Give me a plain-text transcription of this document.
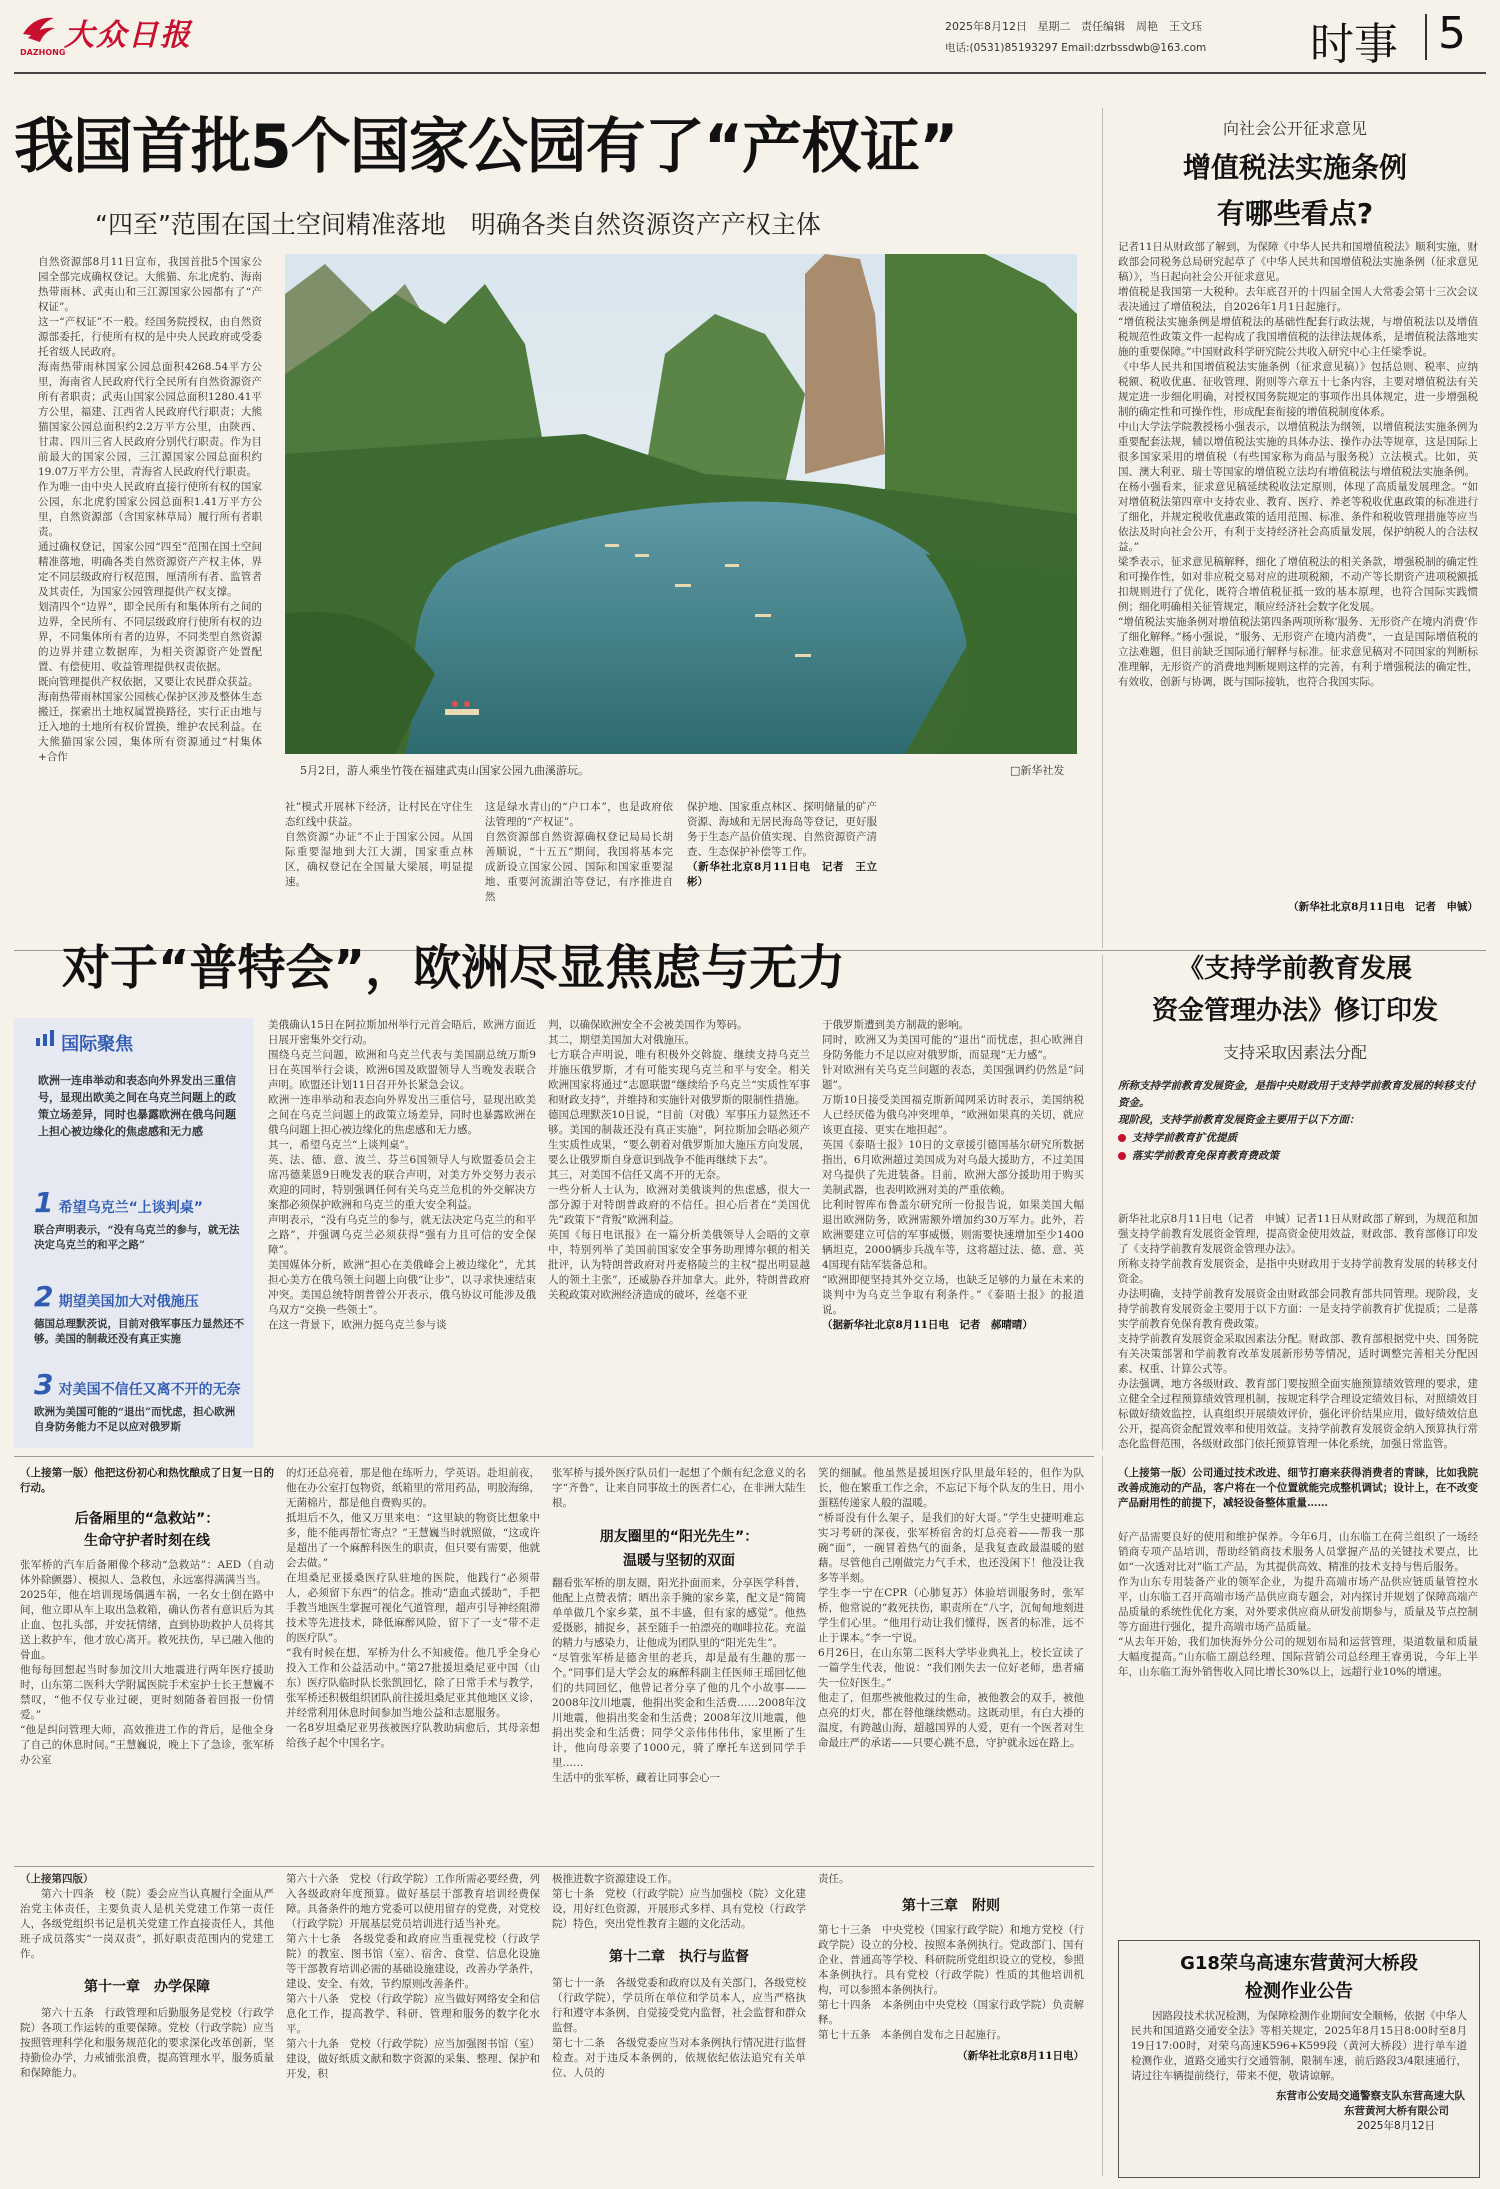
大众日报
DAZHONG
2025年8月12日 星期二 责任编辑　周艳　王文珏
电话:(0531)85193297 Email:dzrbssdwb@163.com 时事 5
我国首批5个国家公园有了“产权证”
“四至”范围在国土空间精准落地　明确各类自然资源资产产权主体
自然资源部8月11日宣布，我国首批5个国家公园全部完成确权登记。大熊猫、东北虎豹、海南热带雨林、武夷山和三江源国家公园都有了“产权证”。
这一“产权证”不一般。经国务院授权，由自然资源部委托，行使所有权的是中央人民政府或受委托省级人民政府。
海南热带雨林国家公园总面积4268.54平方公里，海南省人民政府代行全民所有自然资源资产所有者职责；武夷山国家公园总面积1280.41平方公里，福建、江西省人民政府代行职责；大熊猫国家公园总面积约2.2万平方公里，由陕西、甘肃、四川三省人民政府分别代行职责。作为目前最大的国家公园，三江源国家公园总面积约19.07万平方公里，青海省人民政府代行职责。
作为唯一由中央人民政府直接行使所有权的国家公园，东北虎豹国家公园总面积1.41万平方公里，自然资源部（含国家林草局）履行所有者职责。
通过确权登记，国家公园“四至”范围在国土空间精准落地，明确各类自然资源资产产权主体，界定不同层级政府行权范围，厘清所有者、监管者及其责任，为国家公园管理提供产权支撑。
划清四个“边界”，即全民所有和集体所有之间的边界，全民所有、不同层级政府行使所有权的边界，不同集体所有者的边界，不同类型自然资源的边界并建立数据库，为相关资源资产处置配置、有偿使用、收益管理提供权责依据。
既向管理提供产权依据，又要让农民群众获益。
海南热带雨林国家公园核心保护区涉及整体生态搬迁，探索出土地权属置换路径，实行正由地与迁入地的土地所有权价置换，维护农民利益。在大熊猫国家公园，集体所有资源通过“村集体+合作
5月2日，游人乘坐竹筏在福建武夷山国家公园九曲溪游玩。	□新华社发
社”模式开展林下经济，让村民在守住生态红线中获益。
自然资源“办证”不止于国家公园。从国际重要湿地到大江大湖，国家重点林区，确权登记在全国量大梁展，明显提速。
这是绿水青山的“户口本”，也是政府依法管理的“产权证”。
自然资源部自然资源确权登记局局长胡善顺说，“十五五”期间，我国将基本完成新设立国家公园、国际和国家重要湿地、重要河流湖泊等登记，有序推进自然
保护地、国家重点林区、探明储量的矿产资源、海域和无居民海岛等登记，更好服务于生态产品价值实现、自然资源资产清查、生态保护补偿等工作。
（新华社北京8月11日电　记者　王立彬）
向社会公开征求意见
增值税法实施条例
有哪些看点?
记者11日从财政部了解到，为保障《中华人民共和国增值税法》顺利实施，财政部会同税务总局研究起草了《中华人民共和国增值税法实施条例（征求意见稿）》，当日起向社会公开征求意见。
增值税是我国第一大税种。去年底召开的十四届全国人大常委会第十三次会议表决通过了增值税法，自2026年1月1日起施行。
“增值税法实施条例是增值税法的基础性配套行政法规，与增值税法以及增值税规范性政策文件一起构成了我国增值税的法律法规体系，是增值税法落地实施的重要保障。”中国财政科学研究院公共收入研究中心主任梁季说。
《中华人民共和国增值税法实施条例（征求意见稿）》包括总则、税率、应纳税额、税收优惠、征收管理、附则等六章五十七条内容，主要对增值税法有关规定进一步细化明确，对授权国务院规定的事项作出具体规定，进一步增强税制的确定性和可操作性，形成配套衔接的增值税制度体系。
中山大学法学院教授杨小强表示，以增值税法为纲领，以增值税法实施条例为重要配套法规，辅以增值税法实施的具体办法、操作办法等规章，这是国际上很多国家采用的增值税（有些国家称为商品与服务税）立法模式。比如，英国、澳大利亚、瑞士等国家的增值税立法均有增值税法与增值税法实施条例。
在杨小强看来，征求意见稿延续税收法定原则，体现了高质量发展理念。“如对增值税法第四章中支持农业、教育、医疗、养老等税收优惠政策的标准进行了细化，并规定税收优惠政策的适用范围、标准、条件和税收管理措施等应当依法及时向社会公开，有利于支持经济社会高质量发展，保护纳税人的合法权益。”
梁季表示，征求意见稿解释，细化了增值税法的相关条款，增强税制的确定性和可操作性，如对非应税交易对应的进项税额，不动产等长期资产进项税额抵扣规则进行了优化，既符合增值税征抵一致的基本原理，也符合国际实践惯例；细化明确相关征管规定，顺应经济社会数字化发展。
“增值税法实施条例对增值税法第四条两项所称‘服务、无形资产在境内消费’作了细化解释。”杨小强说，“服务、无形资产在境内消费”，一直是国际增值税的立法难题，但目前缺乏国际通行解释与标准。征求意见稿对不同国家的判断标准理解，无形资产的消费地判断规则这样的完善，有利于增强税法的确定性，有效收，创新与协调，既与国际接轨，也符合我国实际。
（新华社北京8月11日电　记者　申铖）
对于“普特会”，欧洲尽显焦虑与无力
国际聚焦
欧洲一连串举动和表态向外界发出三重信号，显现出欧美之间在乌克兰问题上的政策立场差异，同时也暴露欧洲在俄乌问题上担心被边缘化的焦虑感和无力感
1 希望乌克兰“上谈判桌”
联合声明表示，“没有乌克兰的参与，就无法决定乌克兰的和平之路”
2 期望美国加大对俄施压
德国总理默茨说，目前对俄军事压力显然还不够。美国的制裁还没有真正实施
3 对美国不信任又离不开的无奈
欧洲为美国可能的“退出”而忧虑，担心欧洲自身防务能力不足以应对俄罗斯
美俄确认15日在阿拉斯加州举行元首会晤后，欧洲方面近日展开密集外交行动。
围绕乌克兰问题，欧洲和乌克兰代表与美国副总统万斯9日在英国举行会谈，欧洲6国及欧盟领导人当晚发表联合声明。欧盟还计划11日召开外长紧急会议。
欧洲一连串举动和表态向外界发出三重信号，显现出欧美之间在乌克兰问题上的政策立场差异，同时也暴露欧洲在俄乌问题上担心被边缘化的焦虑感和无力感。
其一，希望乌克兰“上谈判桌”。
英、法、德、意、波兰、芬兰6国领导人与欧盟委员会主席冯德莱恩9日晚发表的联合声明，对美方外交努力表示欢迎的同时，特别强调任何有关乌克兰危机的外交解决方案都必须保护欧洲和乌克兰的重大安全利益。
声明表示，“没有乌克兰的参与，就无法决定乌克兰的和平之路”，并强调乌克兰必须获得“强有力且可信的安全保障”。
美国媒体分析，欧洲“担心在美俄峰会上被边缘化”，尤其担心美方在俄乌领土问题上向俄“让步”，以寻求快速结束冲突。美国总统特朗普曾公开表示，俄乌协议可能涉及俄乌双方“交换一些领土”。
在这一背景下，欧洲力挺乌克兰参与谈
判，以确保欧洲安全不会被美国作为筹码。
其二，期望美国加大对俄施压。
七方联合声明说，唯有积极外交斡旋、继续支持乌克兰并施压俄罗斯，才有可能实现乌克兰和平与安全。相关欧洲国家将通过“志愿联盟”继续给予乌克兰“实质性军事和财政支持”，并维持和实施针对俄罗斯的限制性措施。
德国总理默茨10日说，“目前（对俄）军事压力显然还不够。美国的制裁还没有真正实施”，阿拉斯加会晤必须产生实质性成果，“要么朝着对俄罗斯加大施压方向发展，要么让俄罗斯自身意识到战争不能再继续下去”。
其三，对美国不信任又离不开的无奈。
一些分析人士认为，欧洲对美俄谈判的焦虑感，很大一部分源于对特朗普政府的不信任。担心后者在“美国优先”政策下“背叛”欧洲利益。
英国《每日电讯报》在一篇分析美俄领导人会晤的文章中，特别列举了美国前国家安全事务助理博尔顿的相关批评，认为特朗普政府对丹麦格陵兰的主权“提出明显越人的领土主张”，还威胁吞并加拿大。此外，特朗普政府关税政策对欧洲经济造成的破坏，丝毫不亚
于俄罗斯遭到美方制裁的影响。
同时，欧洲又为美国可能的“退出”而忧虑，担心欧洲自身防务能力不足以应对俄罗斯，而显现“无力感”。
针对欧洲有关乌克兰问题的表态，美国强调约仍然是“问题”。
万斯10日接受美国福克斯新闻网采访时表示，美国纳税人已经厌倦为俄乌冲突埋单，“欧洲如果真的关切，就应该更直接、更实在地担起”。
英国《泰晤士报》10日的文章援引德国基尔研究所数据指出，6月欧洲超过美国成为对乌最大援助方，不过美国对乌提供了先进装备。目前，欧洲大部分援助用于购买美制武器，也表明欧洲对美的严重依赖。
比利时智库布鲁盖尔研究所一份报告说，如果美国大幅退出欧洲防务，欧洲需额外增加约30万军力。此外，若欧洲要建立可信的军事威慑，则需要快速增加至少1400辆坦克，2000辆步兵战车等，这将超过法、德、意、英4国现有陆军装备总和。
“欧洲即便坚持其外交立场，也缺乏足够的力量在未来的谈判中为乌克兰争取有利条件。”《泰晤士报》的报道说。
（据新华社北京8月11日电　记者　郝晴晴）
《支持学前教育发展
资金管理办法》修订印发
支持采取因素法分配
所称支持学前教育发展资金，是指中央财政用于支持学前教育发展的转移支付资金。
现阶段，支持学前教育发展资金主要用于以下方面：
支持学前教育扩优提质
落实学前教育免保育教育费政策
新华社北京8月11日电（记者　申铖）记者11日从财政部了解到，为规范和加强支持学前教育发展资金管理，提高资金使用效益，财政部、教育部修订印发了《支持学前教育发展资金管理办法》。
所称支持学前教育发展资金，是指中央财政用于支持学前教育发展的转移支付资金。
办法明确，支持学前教育发展资金由财政部会同教育部共同管理。现阶段，支持学前教育发展资金主要用于以下方面：一是支持学前教育扩优提质；二是落实学前教育免保育教育费政策。
支持学前教育发展资金采取因素法分配。财政部、教育部根据党中央、国务院有关决策部署和学前教育改革发展新形势等情况，适时调整完善相关分配因素、权重、计算公式等。
办法强调，地方各级财政、教育部门要按照全面实施预算绩效管理的要求，建立健全全过程预算绩效管理机制，按规定科学合理设定绩效目标，对照绩效目标做好绩效监控，认真组织开展绩效评价，强化评价结果应用，做好绩效信息公开，提高资金配置效率和使用效益。支持学前教育发展资金纳入预算执行常态化监督范围，各级财政部门依托预算管理一体化系统，加强日常监管。
（上接第一版）他把这份初心和热忱酿成了日复一日的行动。
后备厢里的“急救站”：
生命守护者时刻在线
张军桥的汽车后备厢像个移动“急救站”：AED（自动体外除颤器）、模拟人、急救包，永远塞得满满当当。
2025年，他在培训现场偶遇车祸，一名女士倒在路中间，他立即从车上取出急救箱，确认伤者有意识后为其止血、包扎头部，并安抚情绪，直到协助救护人员将其送上救护车，他才放心离开。救死扶伤，早已融入他的骨血。
他每每回想起当时参加汶川大地震进行两年医疗援助时，山东第二医科大学附属医院手术室护士长王慧巍不禁叹，“他不仅专业过硬，更时刻随备着回报一份情爱。”
“他是纠问管理大师，高效推进工作的背后，是他全身了自己的休息时间。”王慧巍说，晚上下了急诊，张军桥办公室
的灯还总亮着，那是他在练听力，学英语。赴坦前夜，他在办公室打包物资，纸箱里的常用药品，明胶海绵，无菌棉片，都是他自费购买的。
抵坦后不久，他又万里来电：“这里缺的物资比想象中多，能不能再帮忙寄点？”王慧巍当时就照做，“这或许是超出了一个麻醉科医生的职责，但只要有需要，他就会去做。”
在坦桑尼亚援桑医疗队驻地的医院，他践行“必须带人，必须留下东西”的信念。推动“造血式援助”，手把手教当地医生掌握可视化气道管理，超声引导神经阻滞技术等先进技术，降低麻醉风险，留下了一支“带不走的医疗队”。
“我有时候在想，军桥为什么不知疲倦。他几乎全身心投入工作和公益活动中。”第27批援坦桑尼亚中国（山东）医疗队临时队长张凯回忆，除了日常手术与教学，张军桥还积极组织团队前往援坦桑尼亚其他地区义诊，并经常利用休息时间参加当地公益和志愿服务。
一名8岁坦桑尼亚男孩被医疗队教助病愈后，其母亲想给孩子起个中国名字。
张军桥与援外医疗队员们一起想了个颇有纪念意义的名字“齐鲁”，让来自同事故土的医者仁心，在非洲大陆生根。
朋友圈里的“阳光先生”：
温暖与坚韧的双面
翻看张军桥的朋友圈，阳光扑面而来，分享医学科普，他配上点赞表情；晒出亲手腌的家乡菜，配文是“简简单单做几个家乡菜，虽不丰盛，但有家的感觉”。他热爱摄影，捕捉乡，甚至随手一拍漂亮的咖啡拉花。充溢的精力与感染力，让他成为团队里的“阳光先生”。
“尽管张军桥是德舍里的老兵，却是最有生趣的那一个。”同事们是大学会友的麻醉科副主任医师王瑶回忆他们的共同回忆，他曾记者分享了他的几个小故事——2008年汶川地震，他捐出奖金和生活费……2008年汶川地震，他捐出奖金和生活费；2008年汶川地震，他捐出奖金和生活费；同学父亲伟伟伟伟，家里断了生计，他向母亲要了1000元，骑了摩托车送到同学手里……
生活中的张军桥，藏着让同事会心一
笑的细腻。他虽然是援坦医疗队里最年轻的，但作为队长，他在繁重工作之余，不忘记下每个队友的生日，用小蛋糕传递家人般的温暖。
“桥哥没有什么架子，是我们的好大哥。”学生史捷明难忘实习考研的深夜，张军桥宿舍的灯总亮着——帮我一那碗“面”，一碗冒着热气的面条，是我复查政最温暖的慰藉。尽管他自己刚做完力气手术，也还没闲下！他没让我多等半刻。
学生李一宁在CPR（心肺复苏）体验培训服务时，张军桥，他常说的“救死扶伤，职责所在”八字，沉甸甸地刻进学生们心里。“他用行动让我们懂得，医者的标准，远不止于课本。”李一宁说。
6月26日，在山东第二医科大学毕业典礼上，校长宣读了一篇学生代表，他说：“我们刚失去一位好老师，患者痛失一位好医生。”
他走了，但那些被他救过的生命，被他教会的双手，被他点亮的灯火，都在替他继续燃动。这既动里，有白大褂的温度，有跨越山海，超越国界的人爱，更有一个医者对生命最庄严的承诺——只要心跳不息，守护就永远在路上。
（上接第一版）公司通过技术改进、细节打磨来获得消费者的青睐，比如我院改善成施动的产品，客户将在一个位置就能完成整机调试；设计上，在不改变产品耐用性的前提下，减轻设备整体重量……
好产品需要良好的使用和维护保养。今年6月，山东临工在荷兰组织了一场经销商专项产品培训，帮助经销商技术服务人员掌握产品的关键技术要点，比如“一次透对比对”临工产品，为其提供高效、精准的技术支持与售后服务。
作为山东专用装备产业的领军企业，为提升高端市场产品供应链质量管控水平，山东临工召开高端市场产品供应商专题会，对内探讨并规划了保障高端产品质量的系统性优化方案，对外要求供应商从研发前期参与，质量及节点控制等方面进行强化，提升高端市场产品质量。
“从去年开始，我们加快海外分公司的规划布局和运营管理，渠道数量和质量大幅度提高。”山东临工副总经理、国际营销公司总经理王睿勇说，今年上半年，山东临工海外销售收入同比增长30%以上，远超行业10%的增速。
G18荣乌高速东营黄河大桥段
检测作业公告
因路段技术状况检测，为保障检测作业期间安全顺畅，依据《中华人民共和国道路交通安全法》等相关规定，2025年8月15日8:00时至8月19日17:00时，对荣乌高速K596+K599段（黄河大桥段）进行单车道检测作业，道路交通实行交通管制，限制车速，前后路段3/4限速通行，请过往车辆提前绕行，带来不便，敬请谅解。
东营市公安局交通警察支队东营高速大队
东营黄河大桥有限公司
2025年8月12日
（上接第四版）
第六十四条　校（院）委会应当认真履行全面从严治党主体责任，主要负责人是机关党建工作第一责任人，各级党组织书记是机关党建工作直接责任人，其他班子成员落实“一岗双责”，抓好职责范围内的党建工作。
第十一章　办学保障
第六十五条　行政管理和后勤服务是党校（行政学院）各项工作运转的重要保障。党校（行政学院）应当按照管理科学化和服务规范化的要求深化改革创新，坚持勤俭办学，力戒铺张浪费，提高管理水平，服务质量和保障能力。
第六十六条　党校（行政学院）工作所需必要经费，列入各级政府年度预算。做好基层干部教育培训经费保障。具备条件的地方党委可以使用留存的党费，对党校（行政学院）开展基层党员培训进行适当补充。
第六十七条　各级党委和政府应当重视党校（行政学院）的教室、图书馆（室）、宿舍、食堂、信息化设施等干部教育培训必需的基础设施建设，改善办学条件，建设、安全、有效，节约原则改善条件。
第六十八条　党校（行政学院）应当做好网络安全和信息化工作，提高教学、科研、管理和服务的数字化水平。
第六十九条　党校（行政学院）应当加强图书馆（室）建设，做好纸质文献和数字资源的采集、整理、保护和开发，积
极推进数字资源建设工作。
第七十条　党校（行政学院）应当加强校（院）文化建设，用好红色资源，开展形式多样、具有党校（行政学院）特色，突出党性教育主题的文化活动。
第十二章　执行与监督
第七十一条　各级党委和政府以及有关部门，各级党校（行政学院），学员所在单位和学员本人，应当严格执行和遵守本条例，自觉接受党内监督，社会监督和群众监督。
第七十二条　各级党委应当对本条例执行情况进行监督检查。对于违反本条例的，依规依纪依法追究有关单位、人员的
责任。
第十三章　附则
第七十三条　中央党校（国家行政学院）和地方党校（行政学院）设立的分校、按照本条例执行。党政部门、国有企业、普通高等学校、科研院所党组织设立的党校，参照本条例执行。具有党校（行政学院）性质的其他培训机构，可以参照本条例执行。
第七十四条　本条例由中央党校（国家行政学院）负责解释。
第七十五条　本条例自发布之日起施行。
（新华社北京8月11日电）
